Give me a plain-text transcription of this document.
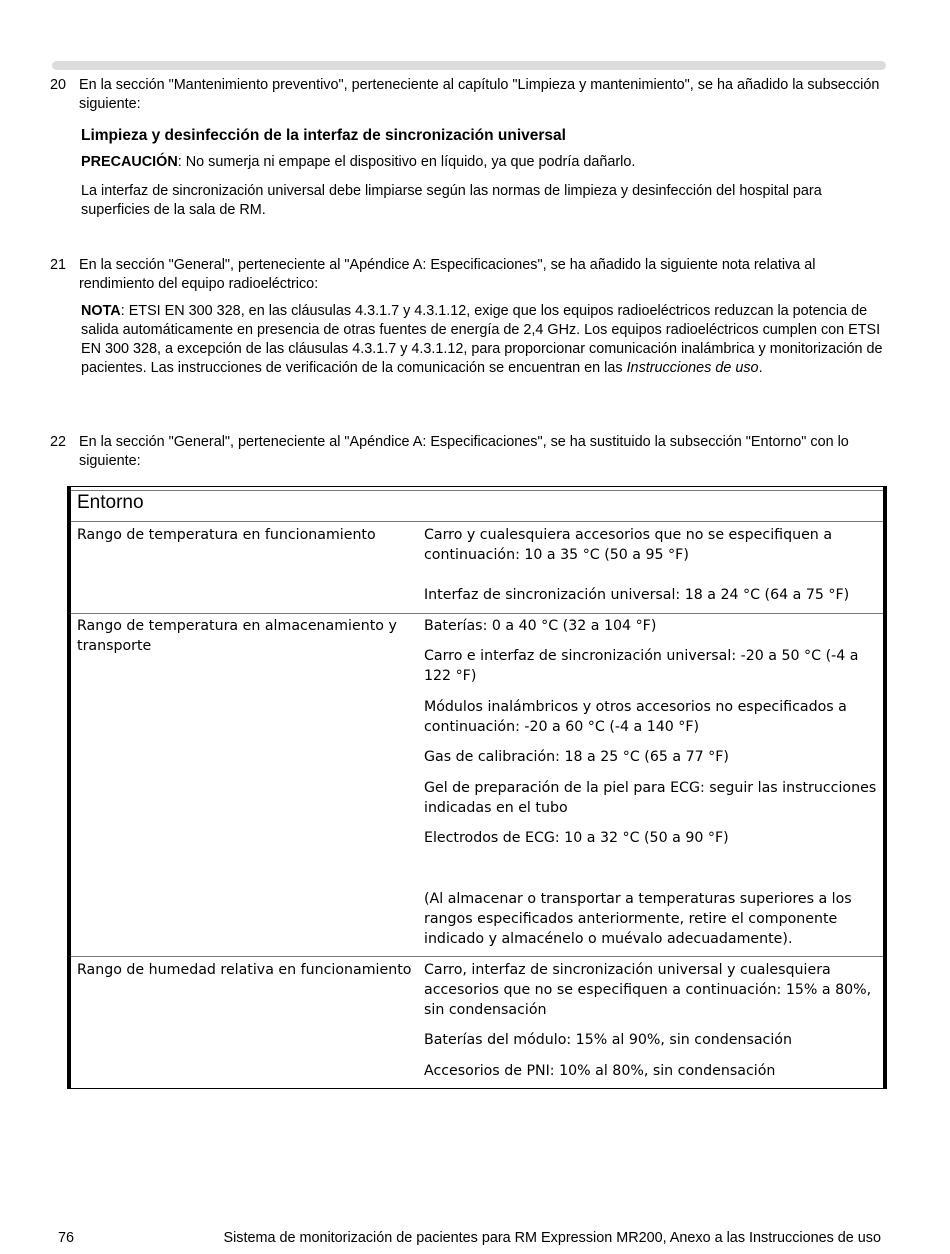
20 En la sección "Mantenimiento preventivo", perteneciente al capítulo "Limpieza y mantenimiento", se ha añadido la subsección siguiente:
Limpieza y desinfección de la interfaz de sincronización universal
PRECAUCIÓN: No sumerja ni empape el dispositivo en líquido, ya que podría dañarlo.
La interfaz de sincronización universal debe limpiarse según las normas de limpieza y desinfección del hospital para superficies de la sala de RM.
21 En la sección "General", perteneciente al "Apéndice A: Especificaciones", se ha añadido la siguiente nota relativa al rendimiento del equipo radioeléctrico:
NOTA: ETSI EN 300 328, en las cláusulas 4.3.1.7 y 4.3.1.12, exige que los equipos radioeléctricos reduzcan la potencia de salida automáticamente en presencia de otras fuentes de energía de 2,4 GHz. Los equipos radioeléctricos cumplen con ETSI EN 300 328, a excepción de las cláusulas 4.3.1.7 y 4.3.1.12, para proporcionar comunicación inalámbrica y monitorización de pacientes. Las instrucciones de verificación de la comunicación se encuentran en las Instrucciones de uso.
22 En la sección "General", perteneciente al "Apéndice A: Especificaciones", se ha sustituido la subsección "Entorno" con lo siguiente:
Entorno
Rango de temperatura en funcionamiento	Carro y cualesquiera accesorios que no se especifiquen a continuación: 10 a 35 °C (50 a 95 °F)
Interfaz de sincronización universal: 18 a 24 °C (64 a 75 °F)
Rango de temperatura en almacenamiento y transporte
Baterías: 0 a 40 °C (32 a 104 °F)
Carro e interfaz de sincronización universal: -20 a 50 °C (-4 a 122 °F)
Módulos inalámbricos y otros accesorios no especificados a continuación: -20 a 60 °C (-4 a 140 °F)
Gas de calibración: 18 a 25 °C (65 a 77 °F)
Gel de preparación de la piel para ECG: seguir las instrucciones indicadas en el tubo
Electrodos de ECG: 10 a 32 °C (50 a 90 °F)
(Al almacenar o transportar a temperaturas superiores a los rangos especificados anteriormente, retire el componente indicado y almacénelo o muévalo adecuadamente).
Rango de humedad relativa en funcionamiento Carro, interfaz de sincronización universal y cualesquiera accesorios que no se especifiquen a continuación: 15% a 80%, sin condensación
Baterías del módulo: 15% al 90%, sin condensación
Accesorios de PNI: 10% al 80%, sin condensación
76	Sistema de monitorización de pacientes para RM Expression MR200, Anexo a las Instrucciones de uso
